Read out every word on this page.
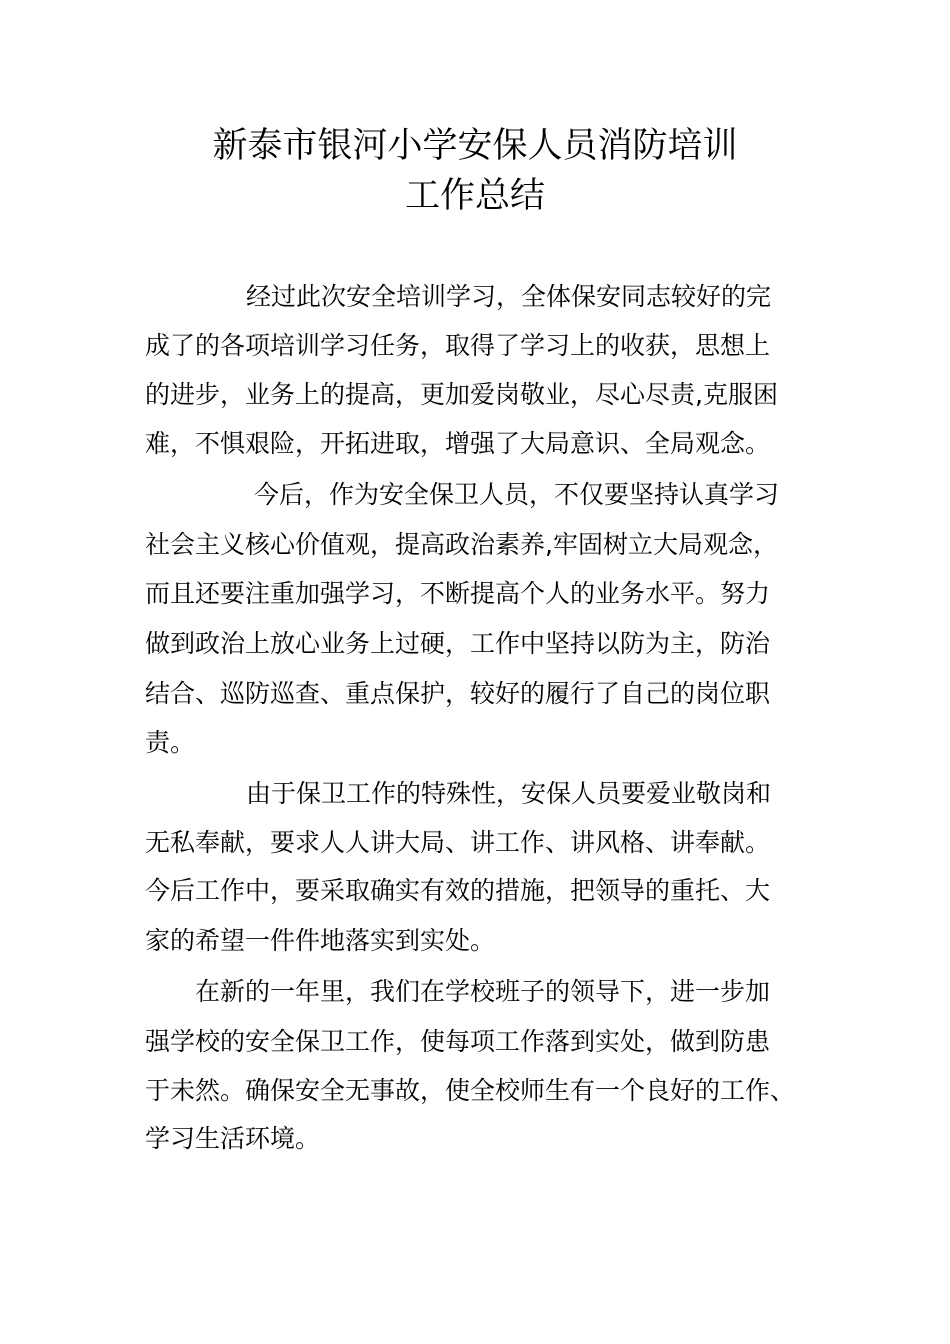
新泰市银河小学安保人员消防培训
工作总结
经过此次安全培训学习，全体保安同志较好的完
成了的各项培训学习任务，取得了学习上的收获，思想上
的进步，业务上的提高，更加爱岗敬业，尽心尽责,克服困
难，不惧艰险，开拓进取，增强了大局意识、全局观念。
今后，作为安全保卫人员，不仅要坚持认真学习
社会主义核心价值观，提高政治素养,牢固树立大局观念，
而且还要注重加强学习，不断提高个人的业务水平。努力
做到政治上放心业务上过硬，工作中坚持以防为主，防治
结合、巡防巡查、重点保护，较好的履行了自己的岗位职
责。
由于保卫工作的特殊性，安保人员要爱业敬岗和
无私奉献，要求人人讲大局、讲工作、讲风格、讲奉献。
今后工作中，要采取确实有效的措施，把领导的重托、大
家的希望一件件地落实到实处。
在新的一年里，我们在学校班子的领导下，进一步加
强学校的安全保卫工作，使每项工作落到实处，做到防患
于未然。确保安全无事故，使全校师生有一个良好的工作、
学习生活环境。
